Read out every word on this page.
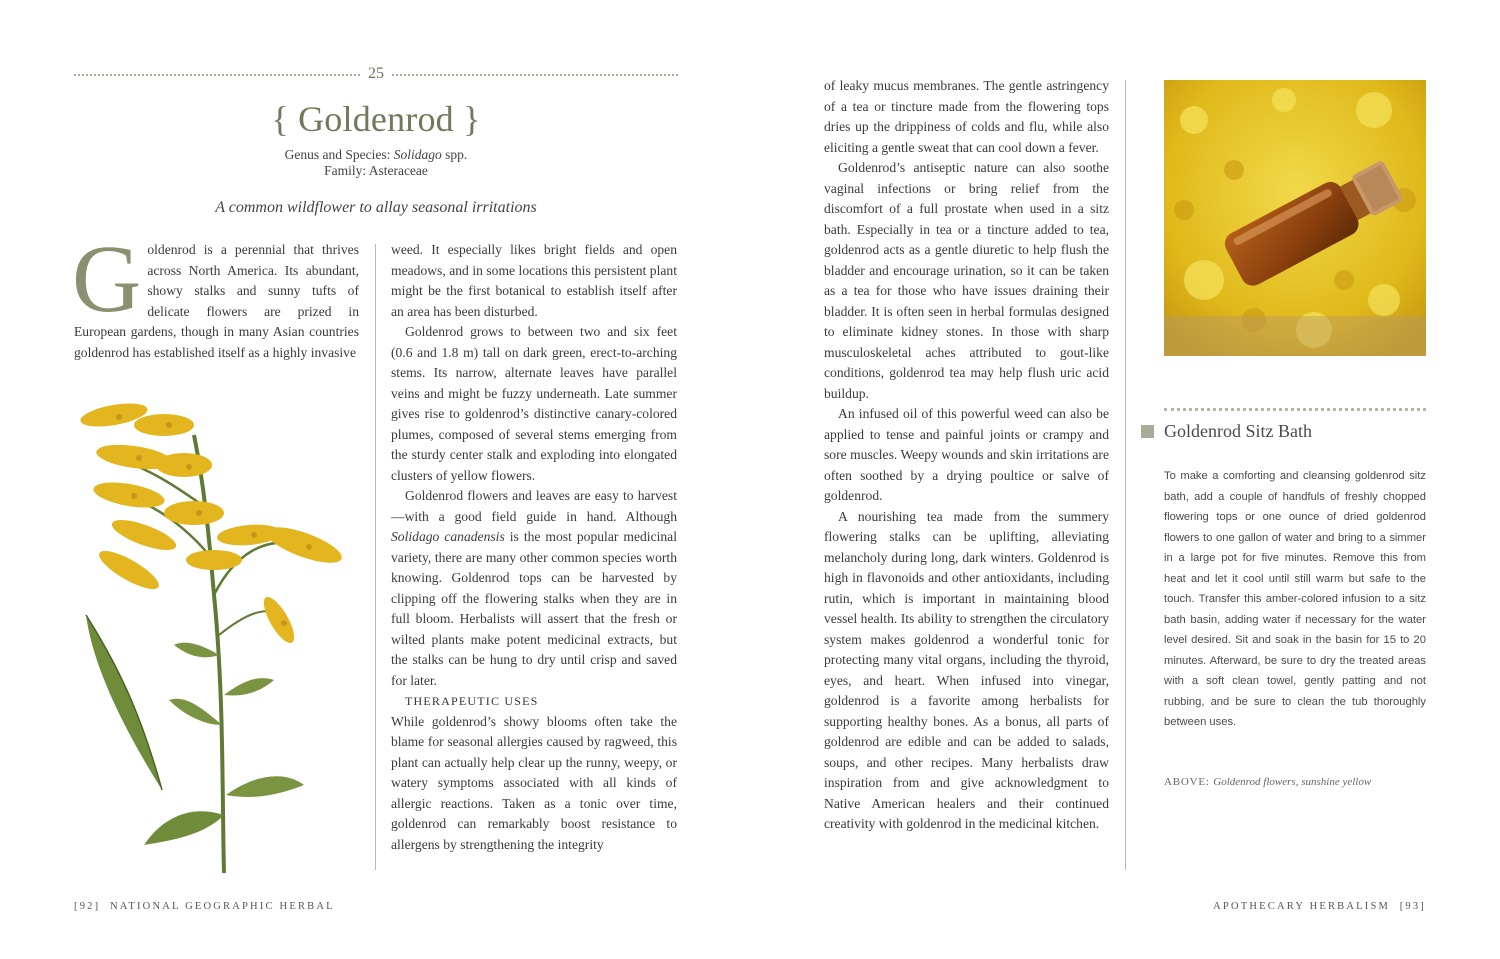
25
{ Goldenrod }
Genus and Species: Solidago spp.
Family: Asteraceae
A common wildflower to allay seasonal irritations
Goldenrod is a perennial that thrives across North America. Its abundant, showy stalks and sunny tufts of delicate flowers are prized in European gardens, though in many Asian countries goldenrod has established itself as a highly invasive

weed. It especially likes bright fields and open meadows, and in some locations this persistent plant might be the first botanical to establish itself after an area has been disturbed.

Goldenrod grows to between two and six feet (0.6 and 1.8 m) tall on dark green, erect-to-arching stems. Its narrow, alternate leaves have parallel veins and might be fuzzy underneath. Late summer gives rise to goldenrod’s distinctive canary-colored plumes, composed of several stems emerging from the sturdy center stalk and exploding into elongated clusters of yellow flowers.

Goldenrod flowers and leaves are easy to harvest—with a good field guide in hand. Although Solidago canadensis is the most popular medicinal variety, there are many other common species worth knowing. Goldenrod tops can be harvested by clipping off the flowering stalks when they are in full bloom. Herbalists will assert that the fresh or wilted plants make potent medicinal extracts, but the stalks can be hung to dry until crisp and saved for later.

THERAPEUTIC USES

While goldenrod’s showy blooms often take the blame for seasonal allergies caused by ragweed, this plant can actually help clear up the runny, weepy, or watery symptoms associated with all kinds of allergic reactions. Taken as a tonic over time, goldenrod can remarkably boost resistance to allergens by strengthening the integrity

[92] NATIONAL GEOGRAPHIC HERBAL

of leaky mucus membranes. The gentle astringency of a tea or tincture made from the flowering tops dries up the drippiness of colds and flu, while also eliciting a gentle sweat that can cool down a fever.

Goldenrod’s antiseptic nature can also soothe vaginal infections or bring relief from the discomfort of a full prostate when used in a sitz bath. Especially in tea or a tincture added to tea, goldenrod acts as a gentle diuretic to help flush the bladder and encourage urination, so it can be taken as a tea for those who have issues draining their bladder. It is often seen in herbal formulas designed to eliminate kidney stones. In those with sharp musculoskeletal aches attributed to gout-like conditions, goldenrod tea may help flush uric acid buildup.

An infused oil of this powerful weed can also be applied to tense and painful joints or crampy and sore muscles. Weepy wounds and skin irritations are often soothed by a drying poultice or salve of goldenrod.

A nourishing tea made from the summery flowering stalks can be uplifting, alleviating melancholy during long, dark winters. Goldenrod is high in flavonoids and other antioxidants, including rutin, which is important in maintaining blood vessel health. Its ability to strengthen the circulatory system makes goldenrod a wonderful tonic for protecting many vital organs, including the thyroid, eyes, and heart. When infused into vinegar, goldenrod is a favorite among herbalists for supporting healthy bones. As a bonus, all parts of goldenrod are edible and can be added to salads, soups, and other recipes. Many herbalists draw inspiration from and give acknowledgment to Native American healers and their continued creativity with goldenrod in the medicinal kitchen.

Goldenrod Sitz Bath
To make a comforting and cleansing goldenrod sitz bath, add a couple of handfuls of freshly chopped flowering tops or one ounce of dried goldenrod flowers to one gallon of water and bring to a simmer in a large pot for five minutes. Remove this from heat and let it cool until still warm but safe to the touch. Transfer this amber-colored infusion to a sitz bath basin, adding water if necessary for the water level desired. Sit and soak in the basin for 15 to 20 minutes. Afterward, be sure to dry the treated areas with a soft clean towel, gently patting and not rubbing, and be sure to clean the tub thoroughly between uses.
ABOVE: Goldenrod flowers, sunshine yellow
APOTHECARY HERBALISM [93]
